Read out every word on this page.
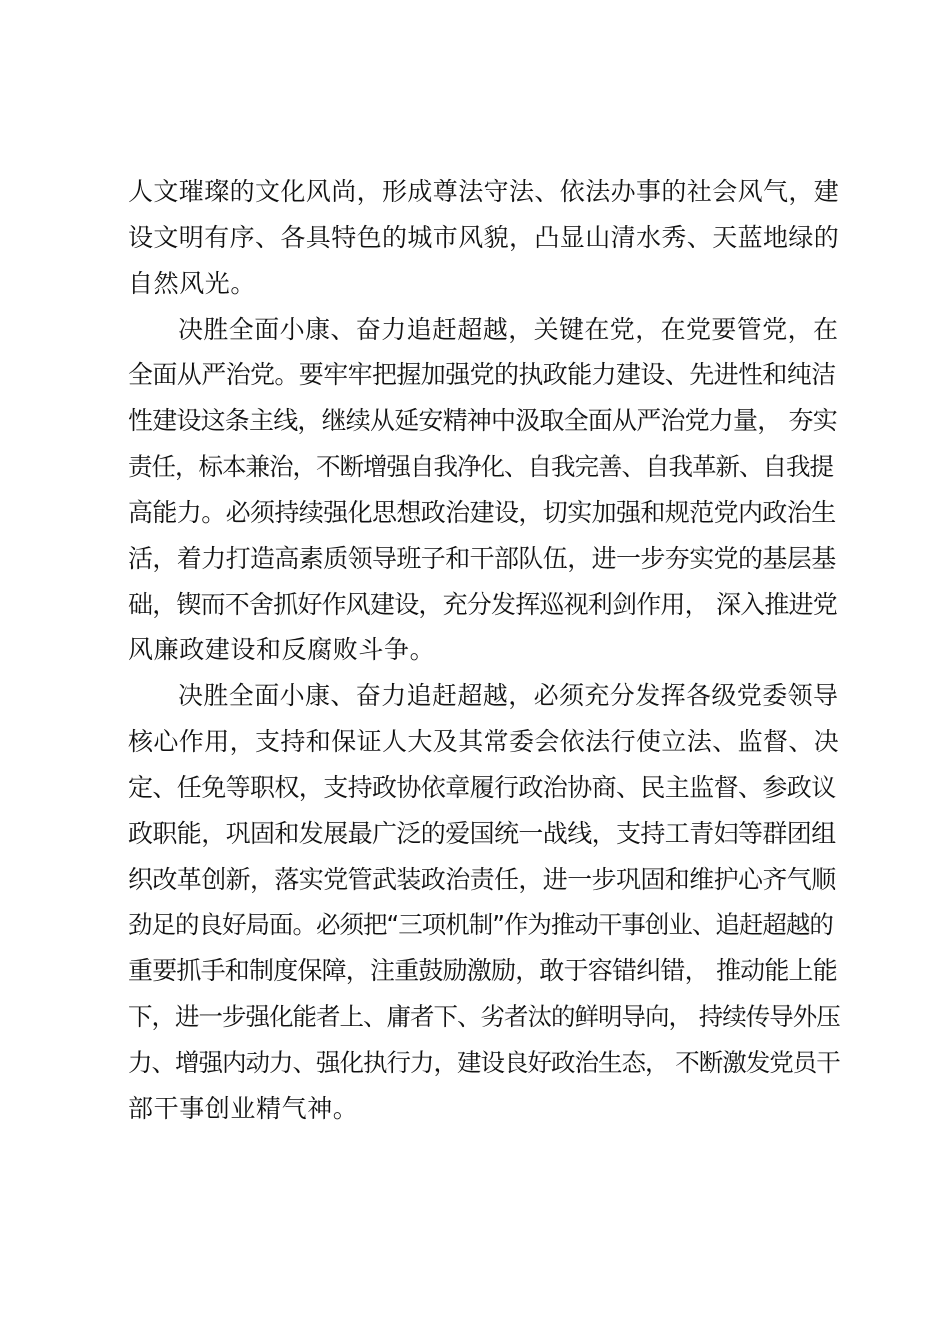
人文璀璨的文化风尚，形成尊法守法、依法办事的社会风气，建
设文明有序、各具特色的城市风貌，凸显山清水秀、天蓝地绿的
自然风光。
决胜全面小康、奋力追赶超越，关键在党，在党要管党，在
全面从严治党。要牢牢把握加强党的执政能力建设、先进性和纯洁
性建设这条主线，继续从延安精神中汲取全面从严治党力量， 夯实
责任，标本兼治，不断增强自我净化、自我完善、自我革新、自我提
高能力。必须持续强化思想政治建设，切实加强和规范党内政治生
活，着力打造高素质领导班子和干部队伍，进一步夯实党的基层基
础，锲而不舍抓好作风建设，充分发挥巡视利剑作用， 深入推进党
风廉政建设和反腐败斗争。
决胜全面小康、奋力追赶超越，必须充分发挥各级党委领导
核心作用，支持和保证人大及其常委会依法行使立法、监督、决
定、任免等职权，支持政协依章履行政治协商、民主监督、参政议
政职能，巩固和发展最广泛的爱国统一战线，支持工青妇等群团组
织改革创新，落实党管武装政治责任，进一步巩固和维护心齐气顺
劲足的良好局面。必须把“三项机制”作为推动干事创业、追赶超越的
重要抓手和制度保障，注重鼓励激励，敢于容错纠错， 推动能上能
下，进一步强化能者上、庸者下、劣者汰的鲜明导向， 持续传导外压
力、增强内动力、强化执行力，建设良好政治生态， 不断激发党员干
部干事创业精气神。
